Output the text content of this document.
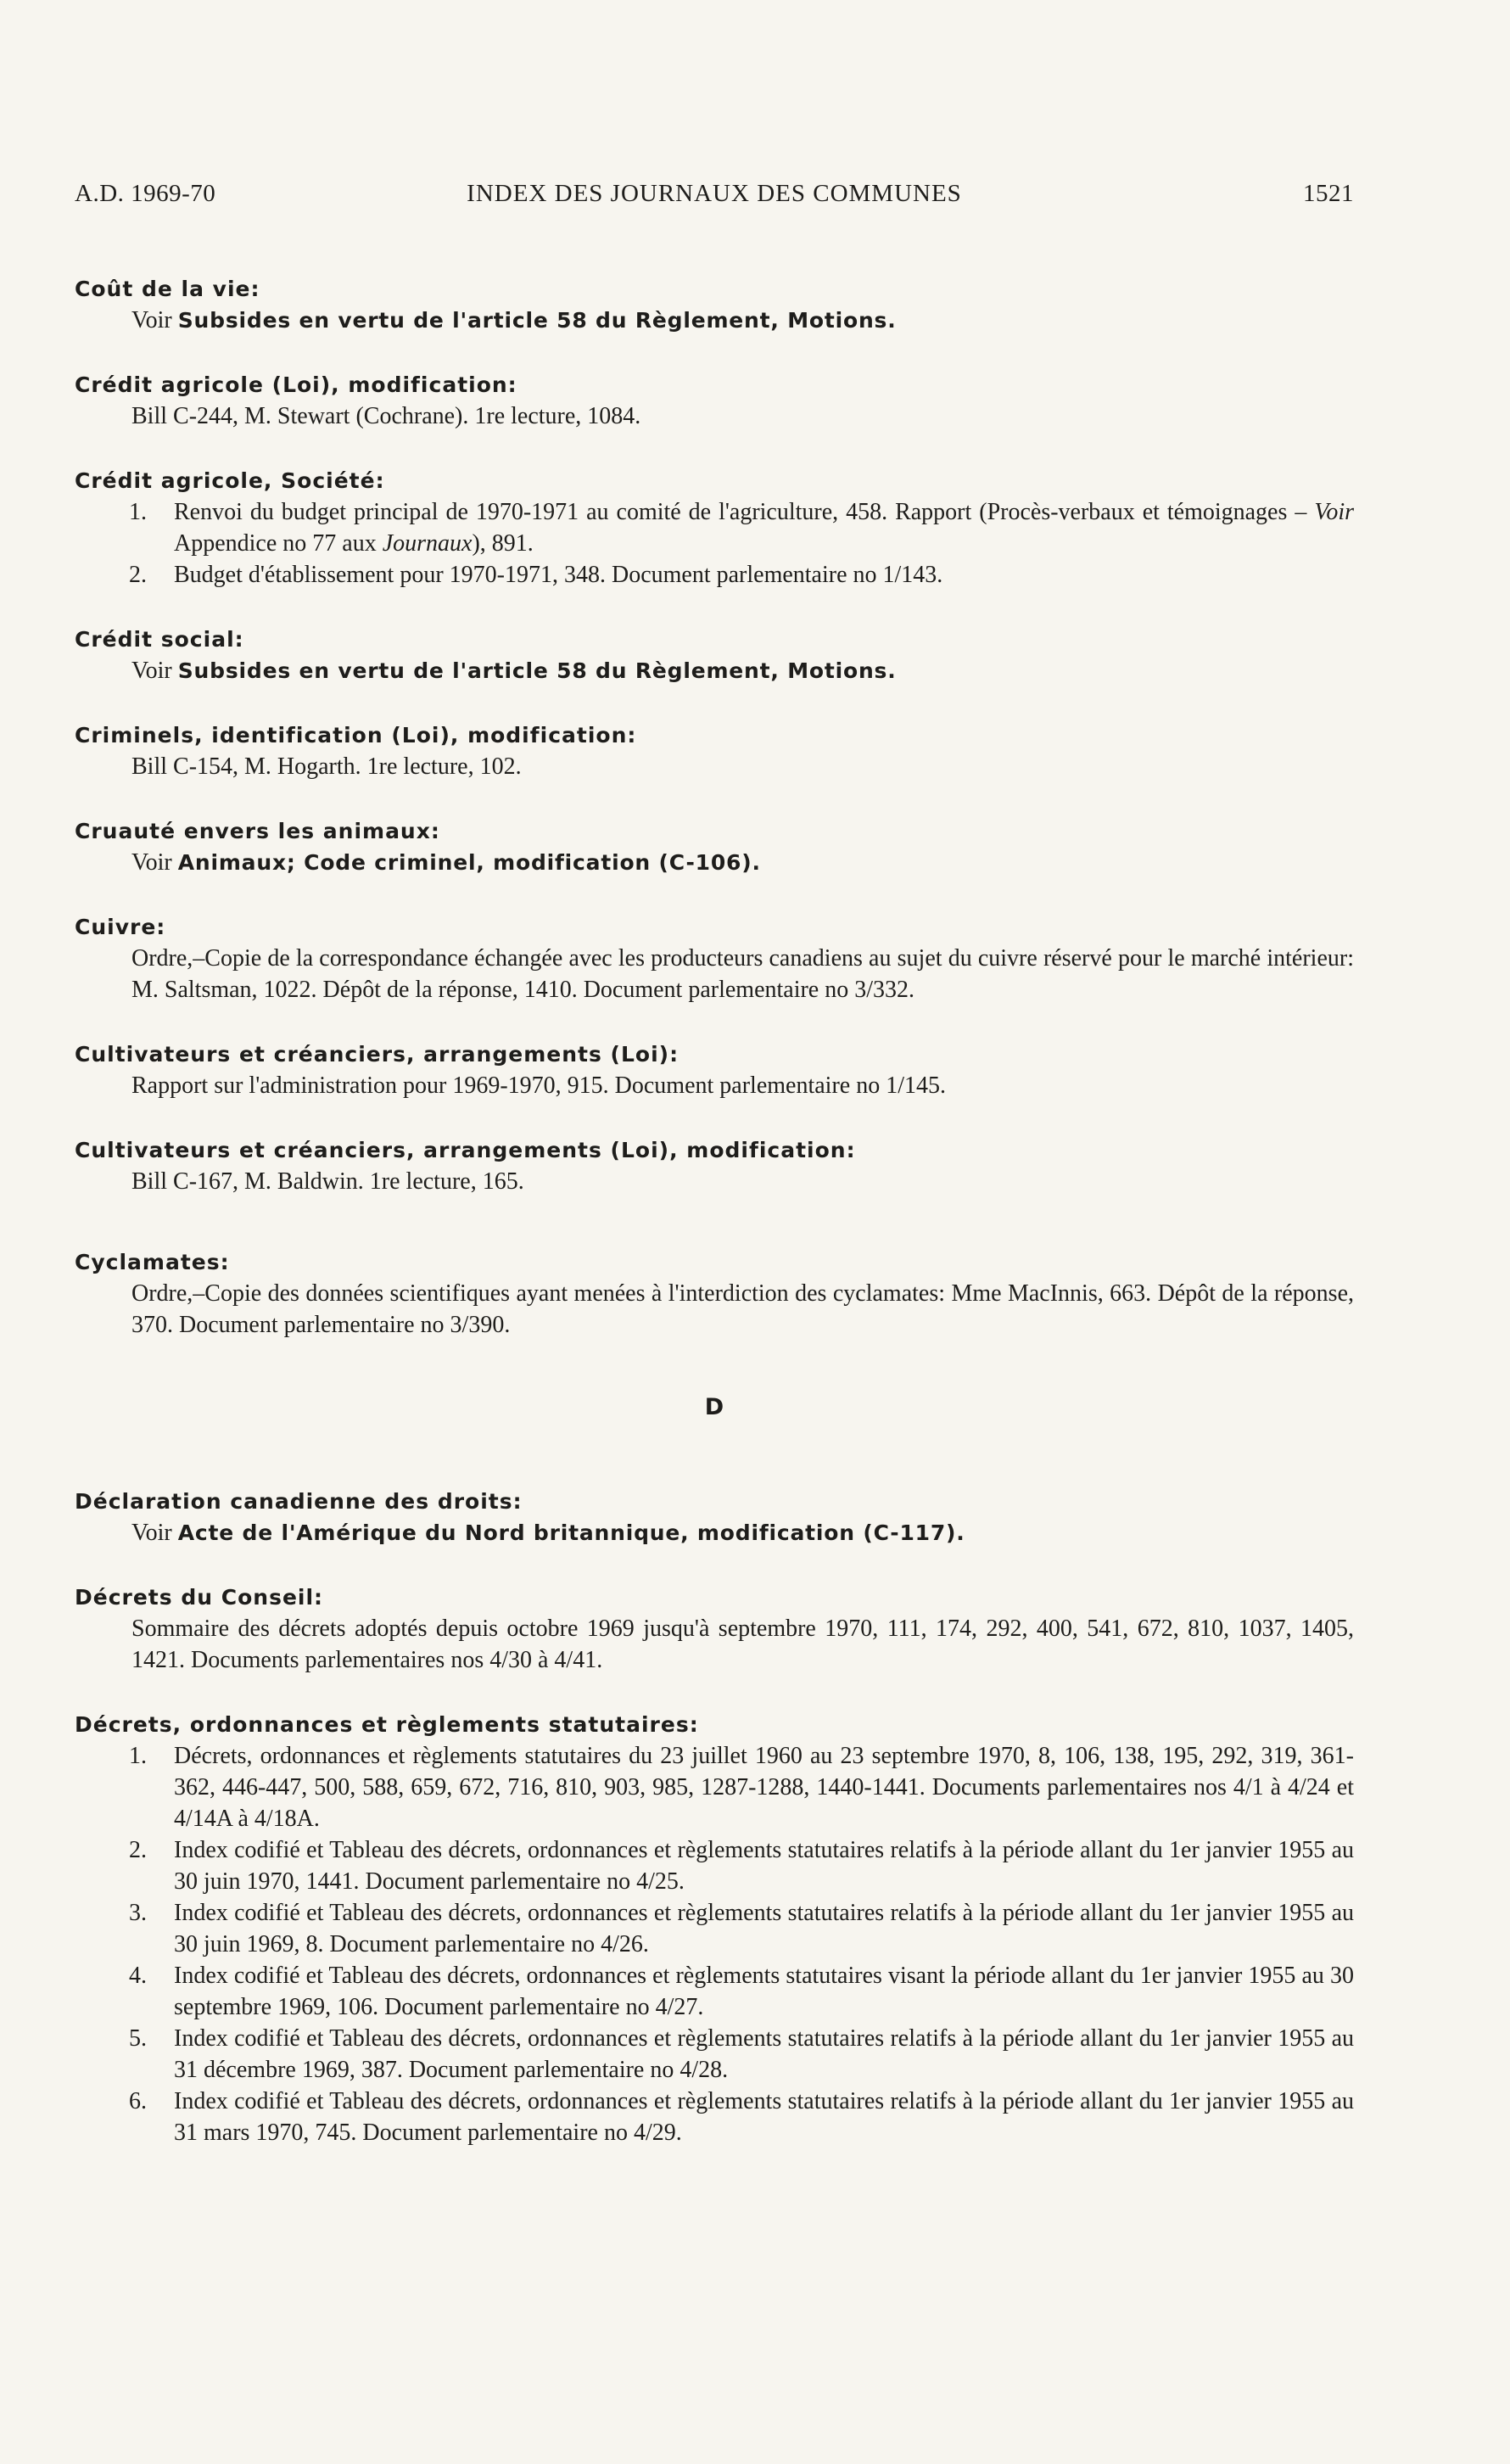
INDEX DES JOURNAUX DES COMMUNES
A.D. 1969-70	1521
Coût de la vie:
Voir Subsides en vertu de l'article 58 du Règlement, Motions.
Crédit agricole (Loi), modification:
Bill C-244, M. Stewart (Cochrane). 1re lecture, 1084.
Crédit agricole, Société:
1. Renvoi du budget principal de 1970-1971 au comité de l'agriculture, 458. Rapport (Procès-verbaux et témoignages – Voir Appendice no 77 aux Journaux), 891.
2. Budget d'établissement pour 1970-1971, 348. Document parlementaire no 1/143.
Crédit social:
Voir Subsides en vertu de l'article 58 du Règlement, Motions.
Criminels, identification (Loi), modification:
Bill C-154, M. Hogarth. 1re lecture, 102.
Cruauté envers les animaux:
Voir Animaux; Code criminel, modification (C-106).
Cuivre:
Ordre,–Copie de la correspondance échangée avec les producteurs canadiens au sujet du cuivre réservé pour le marché intérieur: M. Saltsman, 1022. Dépôt de la réponse, 1410. Document parlementaire no 3/332.
Cultivateurs et créanciers, arrangements (Loi):
Rapport sur l'administration pour 1969-1970, 915. Document parlementaire no 1/145.
Cultivateurs et créanciers, arrangements (Loi), modification:
Bill C-167, M. Baldwin. 1re lecture, 165.
Cyclamates:
Ordre,–Copie des données scientifiques ayant menées à l'interdiction des cyclamates: Mme MacInnis, 663. Dépôt de la réponse, 370. Document parlementaire no 3/390.
D
Déclaration canadienne des droits:
Voir Acte de l'Amérique du Nord britannique, modification (C-117).
Décrets du Conseil:
Sommaire des décrets adoptés depuis octobre 1969 jusqu'à septembre 1970, 111, 174, 292, 400, 541, 672, 810, 1037, 1405, 1421. Documents parlementaires nos 4/30 à 4/41.
Décrets, ordonnances et règlements statutaires:
1. Décrets, ordonnances et règlements statutaires du 23 juillet 1960 au 23 septembre 1970, 8, 106, 138, 195, 292, 319, 361-362, 446-447, 500, 588, 659, 672, 716, 810, 903, 985, 1287-1288, 1440-1441. Documents parlementaires nos 4/1 à 4/24 et 4/14A à 4/18A.
2. Index codifié et Tableau des décrets, ordonnances et règlements statutaires relatifs à la période allant du 1er janvier 1955 au 30 juin 1970, 1441. Document parlementaire no 4/25.
3. Index codifié et Tableau des décrets, ordonnances et règlements statutaires relatifs à la période allant du 1er janvier 1955 au 30 juin 1969, 8. Document parlementaire no 4/26.
4. Index codifié et Tableau des décrets, ordonnances et règlements statutaires visant la période allant du 1er janvier 1955 au 30 septembre 1969, 106. Document parlementaire no 4/27.
5. Index codifié et Tableau des décrets, ordonnances et règlements statutaires relatifs à la période allant du 1er janvier 1955 au 31 décembre 1969, 387. Document parlementaire no 4/28.
6. Index codifié et Tableau des décrets, ordonnances et règlements statutaires relatifs à la période allant du 1er janvier 1955 au 31 mars 1970, 745. Document parlementaire no 4/29.
